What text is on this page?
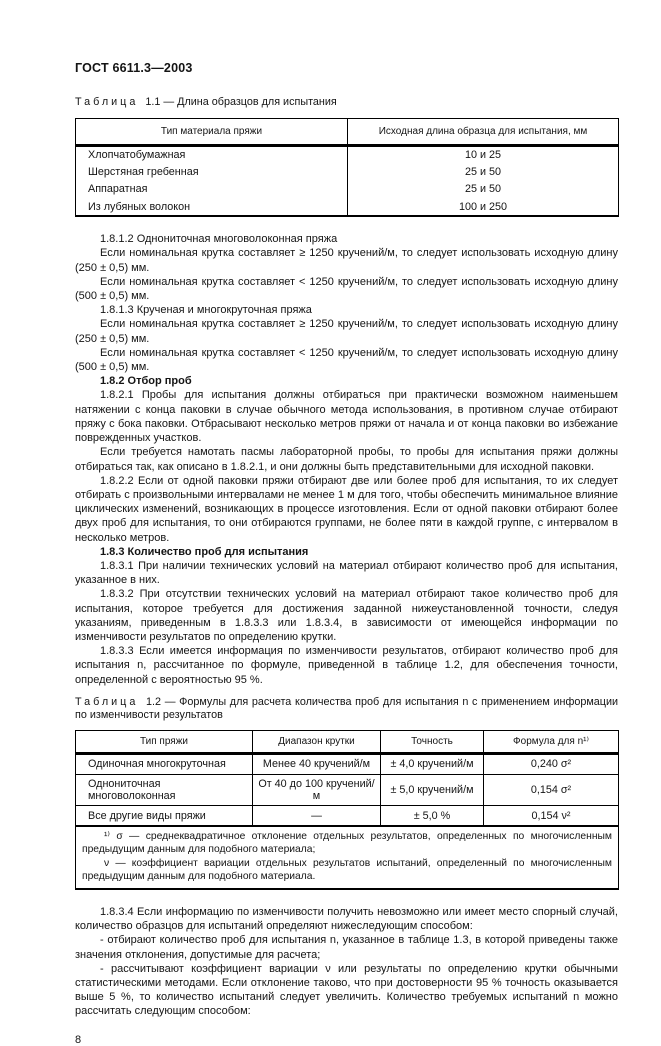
ГОСТ 6611.3—2003

Таблица 1.1 — Длина образцов для испытания

Тип материала пряжи	Исходная длина образца для испытания, мм
Хлопчатобумажная	10 и 25
Шерстяная гребенная	25 и 50
Аппаратная	25 и 50
Из лубяных волокон	100 и 250

1.8.1.2 Однониточная многоволоконная пряжа

Если номинальная крутка составляет ≥ 1250 кручений/м, то следует использовать исходную длину (250 ± 0,5) мм.

Если номинальная крутка составляет < 1250 кручений/м, то следует использовать исходную длину (500 ± 0,5) мм.

1.8.1.3 Крученая и многокруточная пряжа

Если номинальная крутка составляет ≥ 1250 кручений/м, то следует использовать исходную длину (250 ± 0,5) мм.

Если номинальная крутка составляет < 1250 кручений/м, то следует использовать исходную длину (500 ± 0,5) мм.

1.8.2 Отбор проб

1.8.2.1 Пробы для испытания должны отбираться при практически возможном наименьшем натяжении с конца паковки в случае обычного метода использования, в противном случае отбирают пряжу с бока паковки. Отбрасывают несколько метров пряжи от начала и от конца паковки во избежание поврежденных участков.

Если требуется намотать пасмы лабораторной пробы, то пробы для испытания пряжи должны отбираться так, как описано в 1.8.2.1, и они должны быть представительными для исходной паковки.

1.8.2.2 Если от одной паковки пряжи отбирают две или более проб для испытания, то их следует отбирать с произвольными интервалами не менее 1 м для того, чтобы обеспечить минимальное влияние циклических изменений, возникающих в процессе изготовления. Если от одной паковки отбирают более двух проб для испытания, то они отбираются группами, не более пяти в каждой группе, с интервалом в несколько метров.

1.8.3 Количество проб для испытания

1.8.3.1 При наличии технических условий на материал отбирают количество проб для испытания, указанное в них.

1.8.3.2 При отсутствии технических условий на материал отбирают такое количество проб для испытания, которое требуется для достижения заданной нижеустановленной точности, следуя указаниям, приведенным в 1.8.3.3 или 1.8.3.4, в зависимости от имеющейся информации по изменчивости результатов по определению крутки.

1.8.3.3 Если имеется информация по изменчивости результатов, отбирают количество проб для испытания n, рассчитанное по формуле, приведенной в таблице 1.2, для обеспечения точности, определенной с вероятностью 95 %.

Таблица 1.2 — Формулы для расчета количества проб для испытания n с применением информации по изменчивости результатов

Тип пряжи	Диапазон крутки	Точность	Формула для n¹⁾
Одиночная многокруточная	Менее 40 кручений/м	± 4,0 кручений/м	0,240 σ²
Однониточная многоволоконная	От 40 до 100 кручений/м	± 5,0 кручений/м	0,154 σ²
Все другие виды пряжи	—	± 5,0 %	0,154 ν²

¹⁾ σ — среднеквадратичное отклонение отдельных результатов, определенных по многочисленным предыдущим данным для подобного материала;

ν — коэффициент вариации отдельных результатов испытаний, определенный по многочисленным предыдущим данным для подобного материала.			

1.8.3.4 Если информацию по изменчивости получить невозможно или имеет место спорный случай, количество образцов для испытаний определяют нижеследующим способом:

- отбирают количество проб для испытания n, указанное в таблице 1.3, в которой приведены также значения отклонения, допустимые для расчета;

- рассчитывают коэффициент вариации ν или результаты по определению крутки обычными статистическими методами. Если отклонение таково, что при достоверности 95 % точность оказывается выше 5 %, то количество испытаний следует увеличить. Количество требуемых испытаний n можно рассчитать следующим способом:

8
